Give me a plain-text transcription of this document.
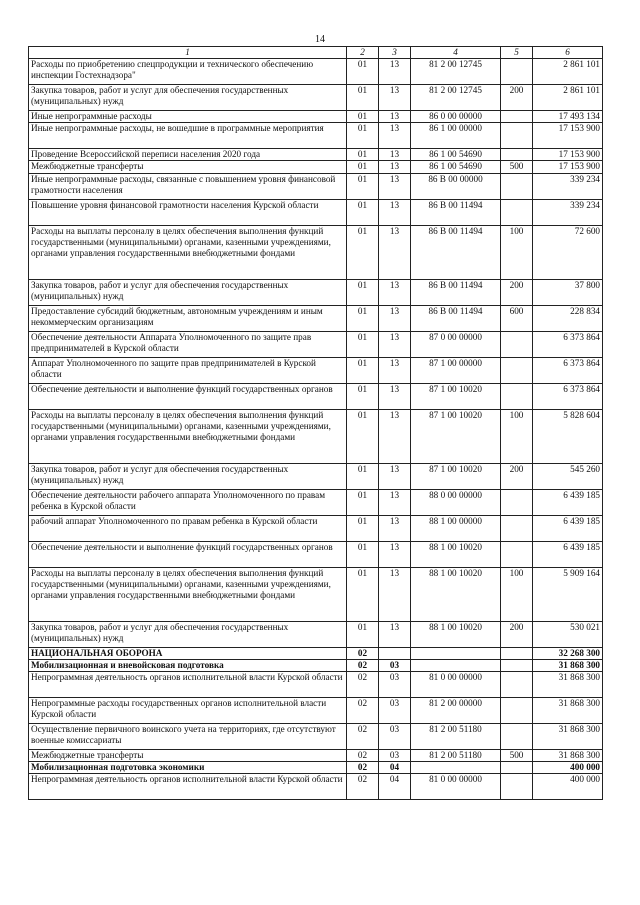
14
1	2	3	4	5	6
Расходы по приобретению спецпродукции и технического обеспечению инспекции Гостехнадзора"	01	13	81 2 00 12745		2 861 101
Закупка товаров, работ и услуг для обеспечения государственных (муниципальных) нужд	01	13	81 2 00 12745	200	2 861 101
Иные непрограммные расходы	01	13	86 0 00 00000		17 493 134
Иные непрограммные расходы, не вошедшие в программные мероприятия	01	13	86 1 00 00000		17 153 900
Проведение Всероссийской переписи населения 2020 года	01	13	86 1 00 54690		17 153 900
Межбюджетные трансферты	01	13	86 1 00 54690	500	17 153 900
Иные непрограммные расходы, связанные с повышением уровня финансовой грамотности населения	01	13	86 В 00 00000		339 234
Повышение уровня финансовой грамотности населения Курской области	01	13	86 В 00 11494		339 234
Расходы на выплаты персоналу в целях обеспечения выполнения функций государственными (муниципальными) органами, казенными учреждениями, органами управления государственными внебюджетными фондами	01	13	86 В 00 11494	100	72 600
Закупка товаров, работ и услуг для обеспечения государственных (муниципальных) нужд	01	13	86 В 00 11494	200	37 800
Предоставление субсидий бюджетным, автономным учреждениям и иным некоммерческим организациям	01	13	86 В 00 11494	600	228 834
Обеспечение деятельности Аппарата Уполномоченного по защите прав предпринимателей в Курской области	01	13	87 0 00 00000		6 373 864
Аппарат Уполномоченного по защите прав предпринимателей в Курской области	01	13	87 1 00 00000		6 373 864
Обеспечение деятельности и выполнение функций государственных органов	01	13	87 1 00 10020		6 373 864
Расходы на выплаты персоналу в целях обеспечения выполнения функций государственными (муниципальными) органами, казенными учреждениями, органами управления государственными внебюджетными фондами	01	13	87 1 00 10020	100	5 828 604
Закупка товаров, работ и услуг для обеспечения государственных (муниципальных) нужд	01	13	87 1 00 10020	200	545 260
Обеспечение деятельности рабочего аппарата Уполномоченного по правам ребенка в Курской области	01	13	88 0 00 00000		6 439 185
рабочий аппарат Уполномоченного по правам ребенка в Курской области	01	13	88 1 00 00000		6 439 185
Обеспечение деятельности и выполнение функций государственных органов	01	13	88 1 00 10020		6 439 185
Расходы на выплаты персоналу в целях обеспечения выполнения функций государственными (муниципальными) органами, казенными учреждениями, органами управления государственными внебюджетными фондами	01	13	88 1 00 10020	100	5 909 164
Закупка товаров, работ и услуг для обеспечения государственных (муниципальных) нужд	01	13	88 1 00 10020	200	530 021
НАЦИОНАЛЬНАЯ ОБОРОНА	02				32 268 300
Мобилизационная и вневойсковая подготовка	02	03			31 868 300
Непрограммная деятельность органов исполнительной власти Курской области	02	03	81 0 00 00000		31 868 300
Непрограммные расходы государственных органов исполнительной власти Курской области	02	03	81 2 00 00000		31 868 300
Осуществление первичного воинского учета на территориях, где отсутствуют военные комиссариаты	02	03	81 2 00 51180		31 868 300
Межбюджетные трансферты	02	03	81 2 00 51180	500	31 868 300
Мобилизационная подготовка экономики	02	04			400 000
Непрограммная деятельность органов исполнительной власти Курской области	02	04	81 0 00 00000		400 000
